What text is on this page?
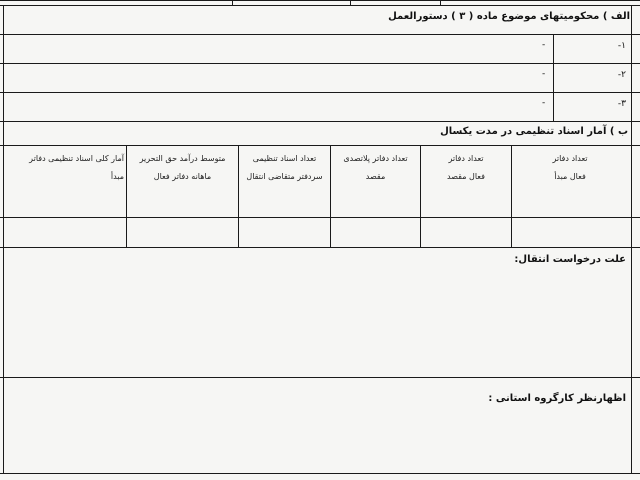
الف ) محکومیتهای موضوع ماده ( ۳ ) دستورالعمل
۱-
-
۲-
-
۳-
-
ب ) آمار اسناد تنظیمی در مدت یکسال
تعداد دفاتر
فعال مبدأ
تعداد دفاتر
فعال مقصد
تعداد دفاتر پلاتصدی
مقصد
تعداد اسناد تنظیمی
سردفتر متقاضی انتقال
متوسط درآمد حق التحریر
ماهانه دفاتر فعال
آمار کلی اسناد تنظیمی دفاتر
مبدأ
علت درخواست انتقال:
اظهارنظر کارگروه استانی :
